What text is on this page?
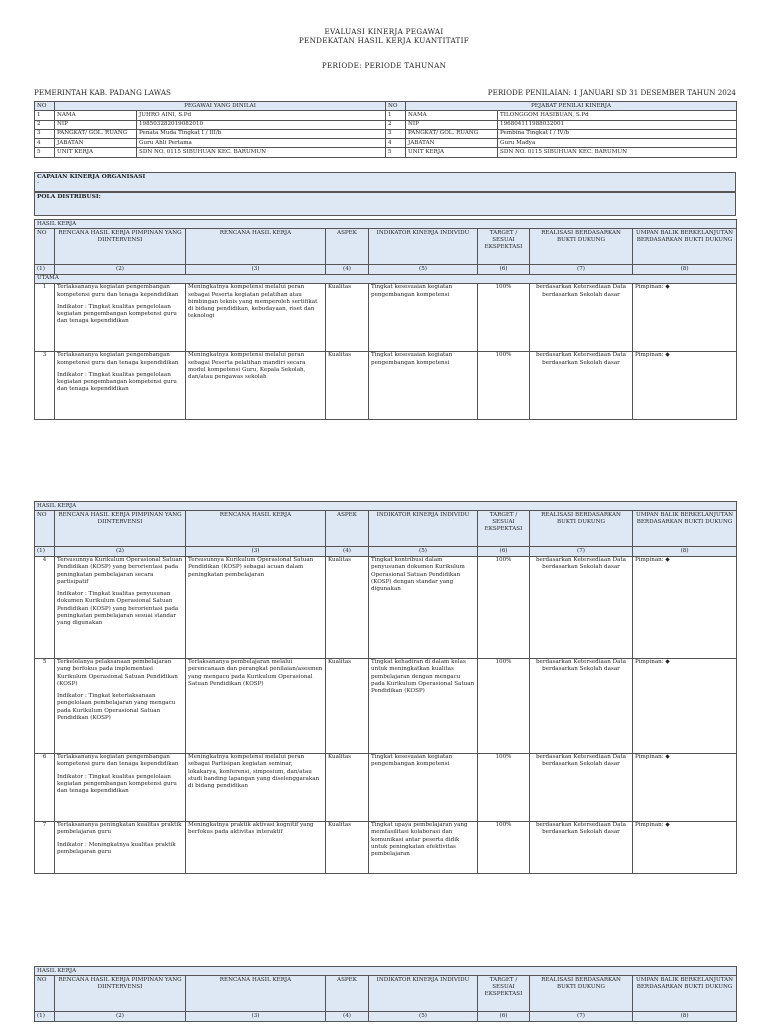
EVALUASI KINERJA PEGAWAI
PENDEKATAN HASIL KERJA KUANTITATIF
PERIODE: PERIODE TAHUNAN
PEMERINTAH KAB. PADANG LAWAS	PERIODE PENILAIAN: 1 JANUARI SD 31 DESEMBER TAHUN 2024
NO	PEGAWAI YANG DINILAI		NO	PEJABAT PENILAI KINERJA	
1	NAMA	JUHRO AINI, S.Pd	1	NAMA	TILONGGOM HASIBUAN, S.Pd
2	NIP	198503282019082010	2	NIP	196804111988032001
3	PANGKAT/ GOL. RUANG	Penata Muda Tingkat I / III/b	3	PANGKAT/ GOL. RUANG	Pembina Tingkat I / IV/b
4	JABATAN	Guru Ahli Pertama	4	JABATAN	Guru Madya
5	UNIT KERJA	SDN NO. 0115 SIBUHUAN KEC. BARUMUN	5	UNIT KERJA	SDN NO. 0115 SIBUHUAN KEC. BARUMUN
CAPAIAN KINERJA ORGANISASI
-
POLA DISTRIBUSI:
HASIL KERJA							
NO	RENCANA HASIL KERJA PIMPINAN YANG DIINTERVENSI	RENCANA HASIL KERJA	ASPEK	INDIKATOR KINERJA INDIVIDU	TARGET / SESUAI EKSPEKTASI	REALISASI BERDASARKAN BUKTI DUKUNG	UMPAN BALIK BERKELANJUTAN BERDASARKAN BUKTI DUKUNG
(1)	(2)	(3)	(4)	(5)	(6)	(7)	(8)
UTAMA							
1	Terlaksananya kegiatan pengembangan kompetensi guru dan tenaga kependidikan

Indikator : Tingkat kualitas pengelolaan kegiatan pengembangan kompetensi guru dan tenaga kependidikan	Meningkatnya kompetensi melalui peran sebagai Peserta kegiatan pelatihan atau bimbingan teknis yang memperoleh sertifikat di bidang pendidikan, kebudayaan, riset dan teknologi	Kualitas	Tingkat kesesuaian kegiatan pengembangan kompetensi	100%	berdasarkan Ketersediaan Data berdasarkan Sekolah dasar	Pimpinan: ◆
3	Terlaksananya kegiatan pengembangan kompetensi guru dan tenaga kependidikan

Indikator : Tingkat kualitas pengelolaan kegiatan pengembangan kompetensi guru dan tenaga kependidikan	Meningkatnya kompetensi melalui peran sebagai Peserta pelatihan mandiri secara modul kompetensi Guru, Kepala Sekolah, dan/atau pengawas sekolah	Kualitas	Tingkat kesesuaian kegiatan pengembangan kompetensi	100%	berdasarkan Ketersediaan Data berdasarkan Sekolah dasar	Pimpinan: ◆
HASIL KERJA							
NO	RENCANA HASIL KERJA PIMPINAN YANG DIINTERVENSI	RENCANA HASIL KERJA	ASPEK	INDIKATOR KINERJA INDIVIDU	TARGET / SESUAI EKSPEKTASI	REALISASI BERDASARKAN BUKTI DUKUNG	UMPAN BALIK BERKELANJUTAN BERDASARKAN BUKTI DUKUNG
(1)	(2)	(3)	(4)	(5)	(6)	(7)	(8)
4	Tersusunnya Kurikulum Operasional Satuan Pendidikan (KOSP) yang berorientasi pada peningkatan pembelajaran secara partisipatif

Indikator : Tingkat kualitas penyusunan dokumen Kurikulum Operasional Satuan Pendidikan (KOSP) yang berorientasi pada peningkatan pembelajaran sesuai standar yang digunakan	Tersusunnya Kurikulum Operasional Satuan Pendidikan (KOSP) sebagai acuan dalam peningkatan pembelajaran	Kualitas	Tingkat kontribusi dalam penyusunan dokumen Kurikulum Operasional Satuan Pendidikan (KOSP) dengan standar yang digunakan	100%	berdasarkan Ketersediaan Data berdasarkan Sekolah dasar	Pimpinan: ◆
5	Terkelolanya pelaksanaan pembelajaran yang berfokus pada implementasi Kurikulum Operasional Satuan Pendidikan (KOSP)

Indikator : Tingkat keterlaksanaan pengelolaan pembelajaran yang mengacu pada Kurikulum Operasional Satuan Pendidikan (KOSP)	Terlaksananya pembelajaran melalui perencanaan dan perangkat penilaian/asesmen yang mengacu pada Kurikulum Operasional Satuan Pendidikan (KOSP)	Kualitas	Tingkat kehadiran di dalam kelas untuk meningkatkan kualitas pembelajaran dengan mengacu pada Kurikulum Operasional Satuan Pendidikan (KOSP)	100%	berdasarkan Ketersediaan Data berdasarkan Sekolah dasar	Pimpinan: ◆
6	Terlaksananya kegiatan pengembangan kompetensi guru dan tenaga kependidikan

Indikator : Tingkat kualitas pengelolaan kegiatan pengembangan kompetensi guru dan tenaga kependidikan	Meningkatnya kompetensi melalui peran sebagai Partisipan kegiatan seminar, lokakarya, konferensi, simposium, dan/atau studi banding lapangan yang diselenggarakan di bidang pendidikan	Kualitas	Tingkat kesesuaian kegiatan pengembangan kompetensi	100%	berdasarkan Ketersediaan Data berdasarkan Sekolah dasar	Pimpinan: ◆
7	Terlaksananya peningkatan kualitas praktik pembelajaran guru

Indikator : Meningkatnya kualitas praktik pembelajaran guru	Meningkatnya praktik aktivasi kognitif yang berfokus pada aktivitas interaktif	Kualitas	Tingkat upaya pembelajaran yang memfasilitasi kolaborasi dan komunikasi antar peserta didik untuk peningkatan efektivitas pembelajaran	100%	berdasarkan Ketersediaan Data berdasarkan Sekolah dasar	Pimpinan: ◆
HASIL KERJA							
NO	RENCANA HASIL KERJA PIMPINAN YANG DIINTERVENSI	RENCANA HASIL KERJA	ASPEK	INDIKATOR KINERJA INDIVIDU	TARGET / SESUAI EKSPEKTASI	REALISASI BERDASARKAN BUKTI DUKUNG	UMPAN BALIK BERKELANJUTAN BERDASARKAN BUKTI DUKUNG
(1)	(2)	(3)	(4)	(5)	(6)	(7)	(8)
